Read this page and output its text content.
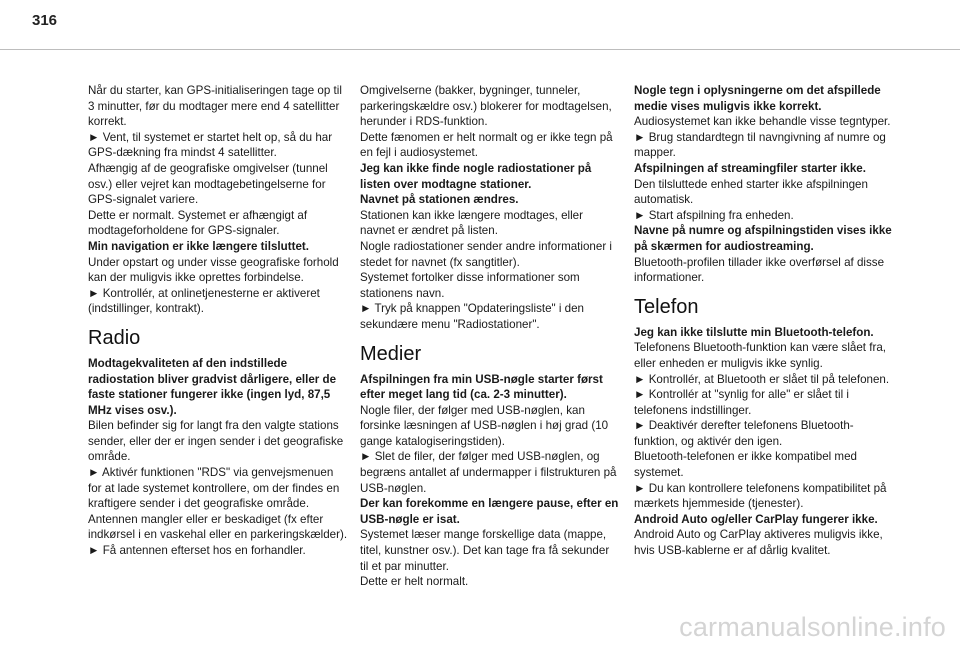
316

Når du starter, kan GPS-initialiseringen tage op til 3 minutter, før du modtager mere end 4 satellitter korrekt.

► Vent, til systemet er startet helt op, så du har GPS-dækning fra mindst 4 satellitter.

Afhængig af de geografiske omgivelser (tunnel osv.) eller vejret kan modtagebetingelserne for GPS-signalet variere.

Dette er normalt. Systemet er afhængigt af modtageforholdene for GPS-signaler.

Min navigation er ikke længere tilsluttet.

Under opstart og under visse geografiske forhold kan der muligvis ikke oprettes forbindelse.

► Kontrollér, at onlinetjenesterne er aktiveret (indstillinger, kontrakt).

Radio

Modtagekvaliteten af den indstillede radiostation bliver gradvist dårligere, eller de faste stationer fungerer ikke (ingen lyd, 87,5 MHz vises osv.).

Bilen befinder sig for langt fra den valgte stations sender, eller der er ingen sender i det geografiske område.

► Aktivér funktionen "RDS" via genvejsmenuen for at lade systemet kontrollere, om der findes en kraftigere sender i det geografiske område.

Antennen mangler eller er beskadiget (fx efter indkørsel i en vaskehal eller en parkeringskælder).

► Få antennen efterset hos en forhandler.

Omgivelserne (bakker, bygninger, tunneler, parkeringskældre osv.) blokerer for modtagelsen, herunder i RDS-funktion.

Dette fænomen er helt normalt og er ikke tegn på en fejl i audiosystemet.

Jeg kan ikke finde nogle radiostationer på listen over modtagne stationer.

Navnet på stationen ændres.

Stationen kan ikke længere modtages, eller navnet er ændret på listen.

Nogle radiostationer sender andre informationer i stedet for navnet (fx sangtitler).

Systemet fortolker disse informationer som stationens navn.

► Tryk på knappen "Opdateringsliste" i den sekundære menu "Radiostationer".

Medier

Afspilningen fra min USB-nøgle starter først efter meget lang tid (ca. 2-3 minutter).

Nogle filer, der følger med USB-nøglen, kan forsinke læsningen af USB-nøglen i høj grad (10 gange katalogiseringstiden).

► Slet de filer, der følger med USB-nøglen, og begræns antallet af undermapper i filstrukturen på USB-nøglen.

Der kan forekomme en længere pause, efter en USB-nøgle er isat.

Systemet læser mange forskellige data (mappe, titel, kunstner osv.). Det kan tage fra få sekunder til et par minutter.

Dette er helt normalt.

Nogle tegn i oplysningerne om det afspillede medie vises muligvis ikke korrekt.

Audiosystemet kan ikke behandle visse tegntyper.

► Brug standardtegn til navngivning af numre og mapper.

Afspilningen af streamingfiler starter ikke.

Den tilsluttede enhed starter ikke afspilningen automatisk.

► Start afspilning fra enheden.

Navne på numre og afspilningstiden vises ikke på skærmen for audiostreaming.

Bluetooth-profilen tillader ikke overførsel af disse informationer.

Telefon

Jeg kan ikke tilslutte min Bluetooth-telefon.

Telefonens Bluetooth-funktion kan være slået fra, eller enheden er muligvis ikke synlig.

► Kontrollér, at Bluetooth er slået til på telefonen.

► Kontrollér at "synlig for alle" er slået til i telefonens indstillinger.

► Deaktivér derefter telefonens Bluetooth-funktion, og aktivér den igen.

Bluetooth-telefonen er ikke kompatibel med systemet.

► Du kan kontrollere telefonens kompatibilitet på mærkets hjemmeside (tjenester).

Android Auto og/eller CarPlay fungerer ikke.

Android Auto og CarPlay aktiveres muligvis ikke, hvis USB-kablerne er af dårlig kvalitet.

carmanualsonline.info
